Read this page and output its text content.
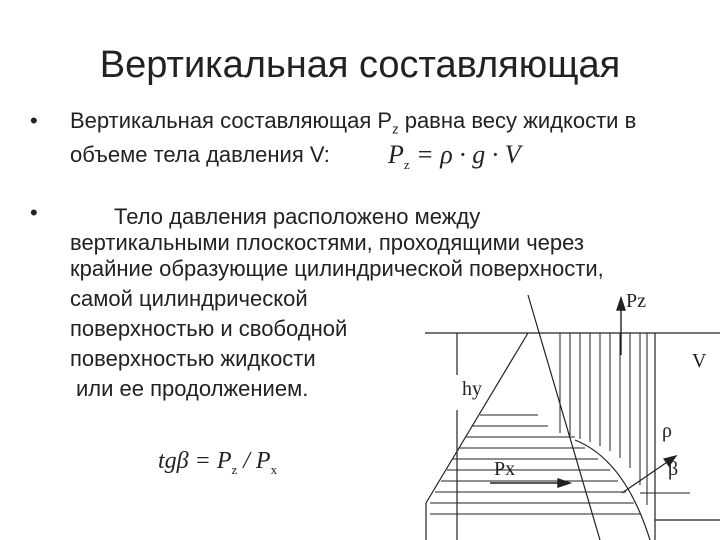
Вертикальная составляющая
• Вертикальная составляющая $P_z$ равна весу жидкости в
объеме тела давления V:	$P_z = \rho \cdot g \cdot V$
•	Тело давления расположено между
вертикальными плоскостями, проходящими через
крайние образующие цилиндрической поверхности,
самой цилиндрической
поверхностью и свободной
поверхностью жидкости
или ее продолжением.
$tg\beta = P_z / P_x$
Pz
V
hy
ρ
Px	β
